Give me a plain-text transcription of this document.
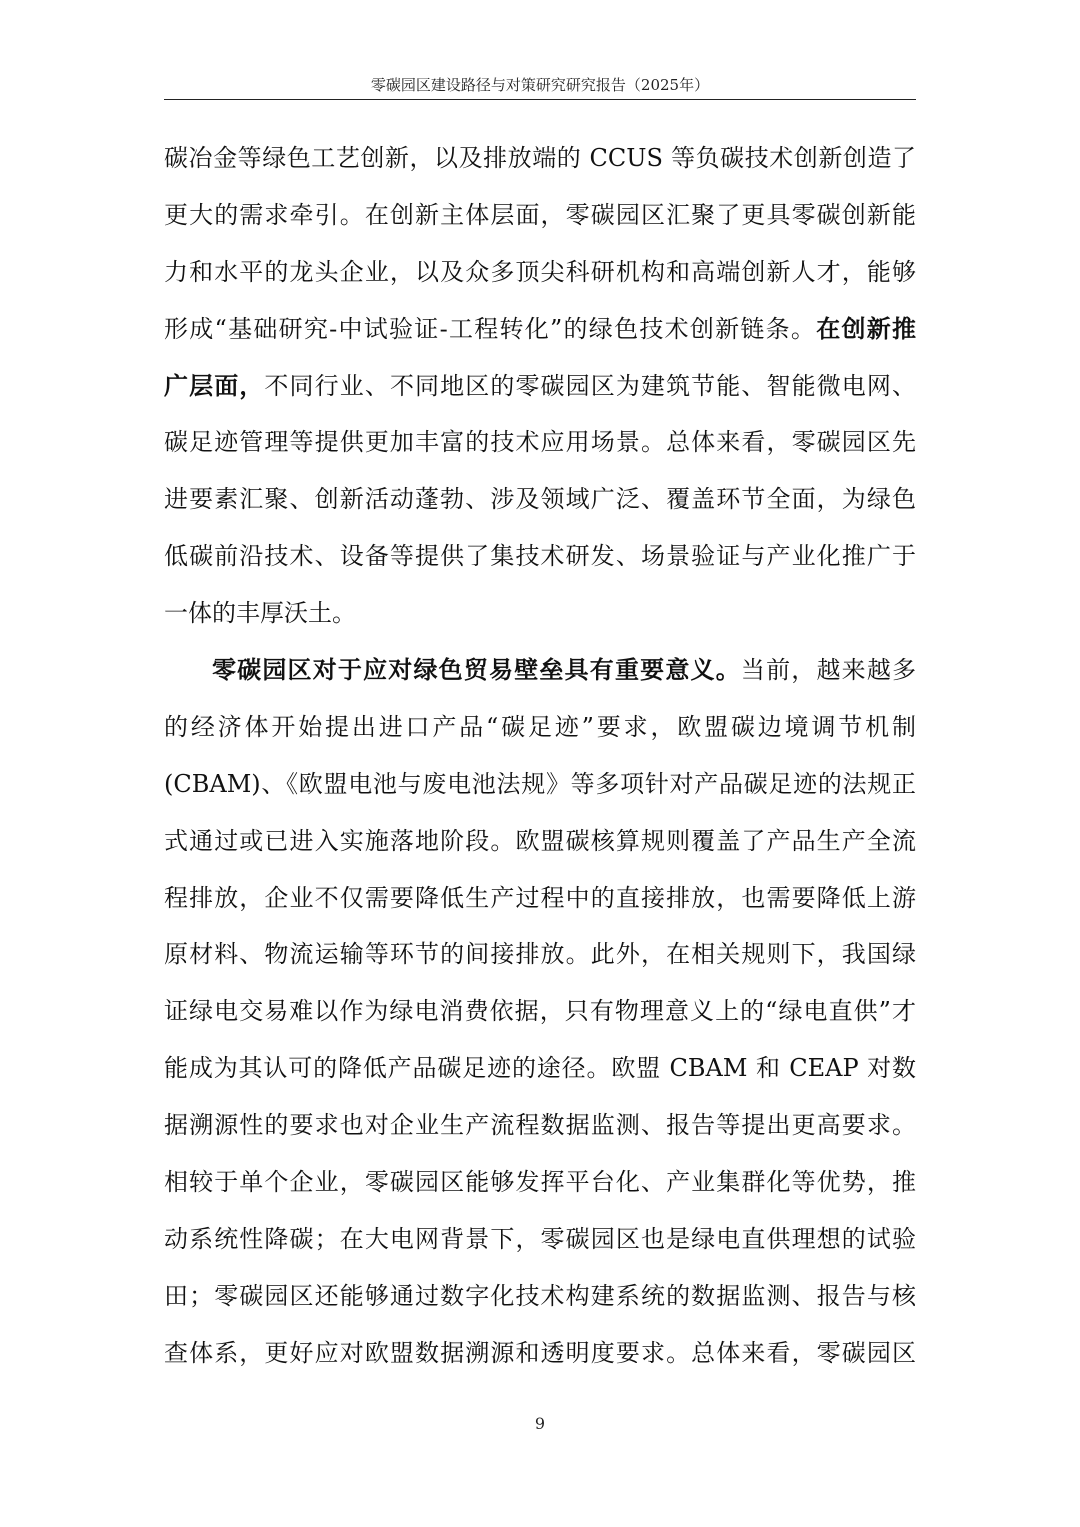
零碳园区建设路径与对策研究研究报告（2025年）
碳冶金等绿色工艺创新，以及排放端的 CCUS 等负碳技术创新创造了
更大的需求牵引。在创新主体层面，零碳园区汇聚了更具零碳创新能
力和水平的龙头企业，以及众多顶尖科研机构和高端创新人才，能够
形成“基础研究-中试验证-工程转化”的绿色技术创新链条。在创新推
广层面，不同行业、不同地区的零碳园区为建筑节能、智能微电网、
碳足迹管理等提供更加丰富的技术应用场景。总体来看，零碳园区先
进要素汇聚、创新活动蓬勃、涉及领域广泛、覆盖环节全面，为绿色
低碳前沿技术、设备等提供了集技术研发、场景验证与产业化推广于
一体的丰厚沃土。
零碳园区对于应对绿色贸易壁垒具有重要意义。当前，越来越多
的经济体开始提出进口产品“碳足迹”要求，欧盟碳边境调节机制
(CBAM)、《欧盟电池与废电池法规》等多项针对产品碳足迹的法规正
式通过或已进入实施落地阶段。欧盟碳核算规则覆盖了产品生产全流
程排放，企业不仅需要降低生产过程中的直接排放，也需要降低上游
原材料、物流运输等环节的间接排放。此外，在相关规则下，我国绿
证绿电交易难以作为绿电消费依据，只有物理意义上的“绿电直供”才
能成为其认可的降低产品碳足迹的途径。欧盟 CBAM 和 CEAP 对数
据溯源性的要求也对企业生产流程数据监测、报告等提出更高要求。
相较于单个企业，零碳园区能够发挥平台化、产业集群化等优势，推
动系统性降碳；在大电网背景下，零碳园区也是绿电直供理想的试验
田；零碳园区还能够通过数字化技术构建系统的数据监测、报告与核
查体系，更好应对欧盟数据溯源和透明度要求。总体来看，零碳园区
9
